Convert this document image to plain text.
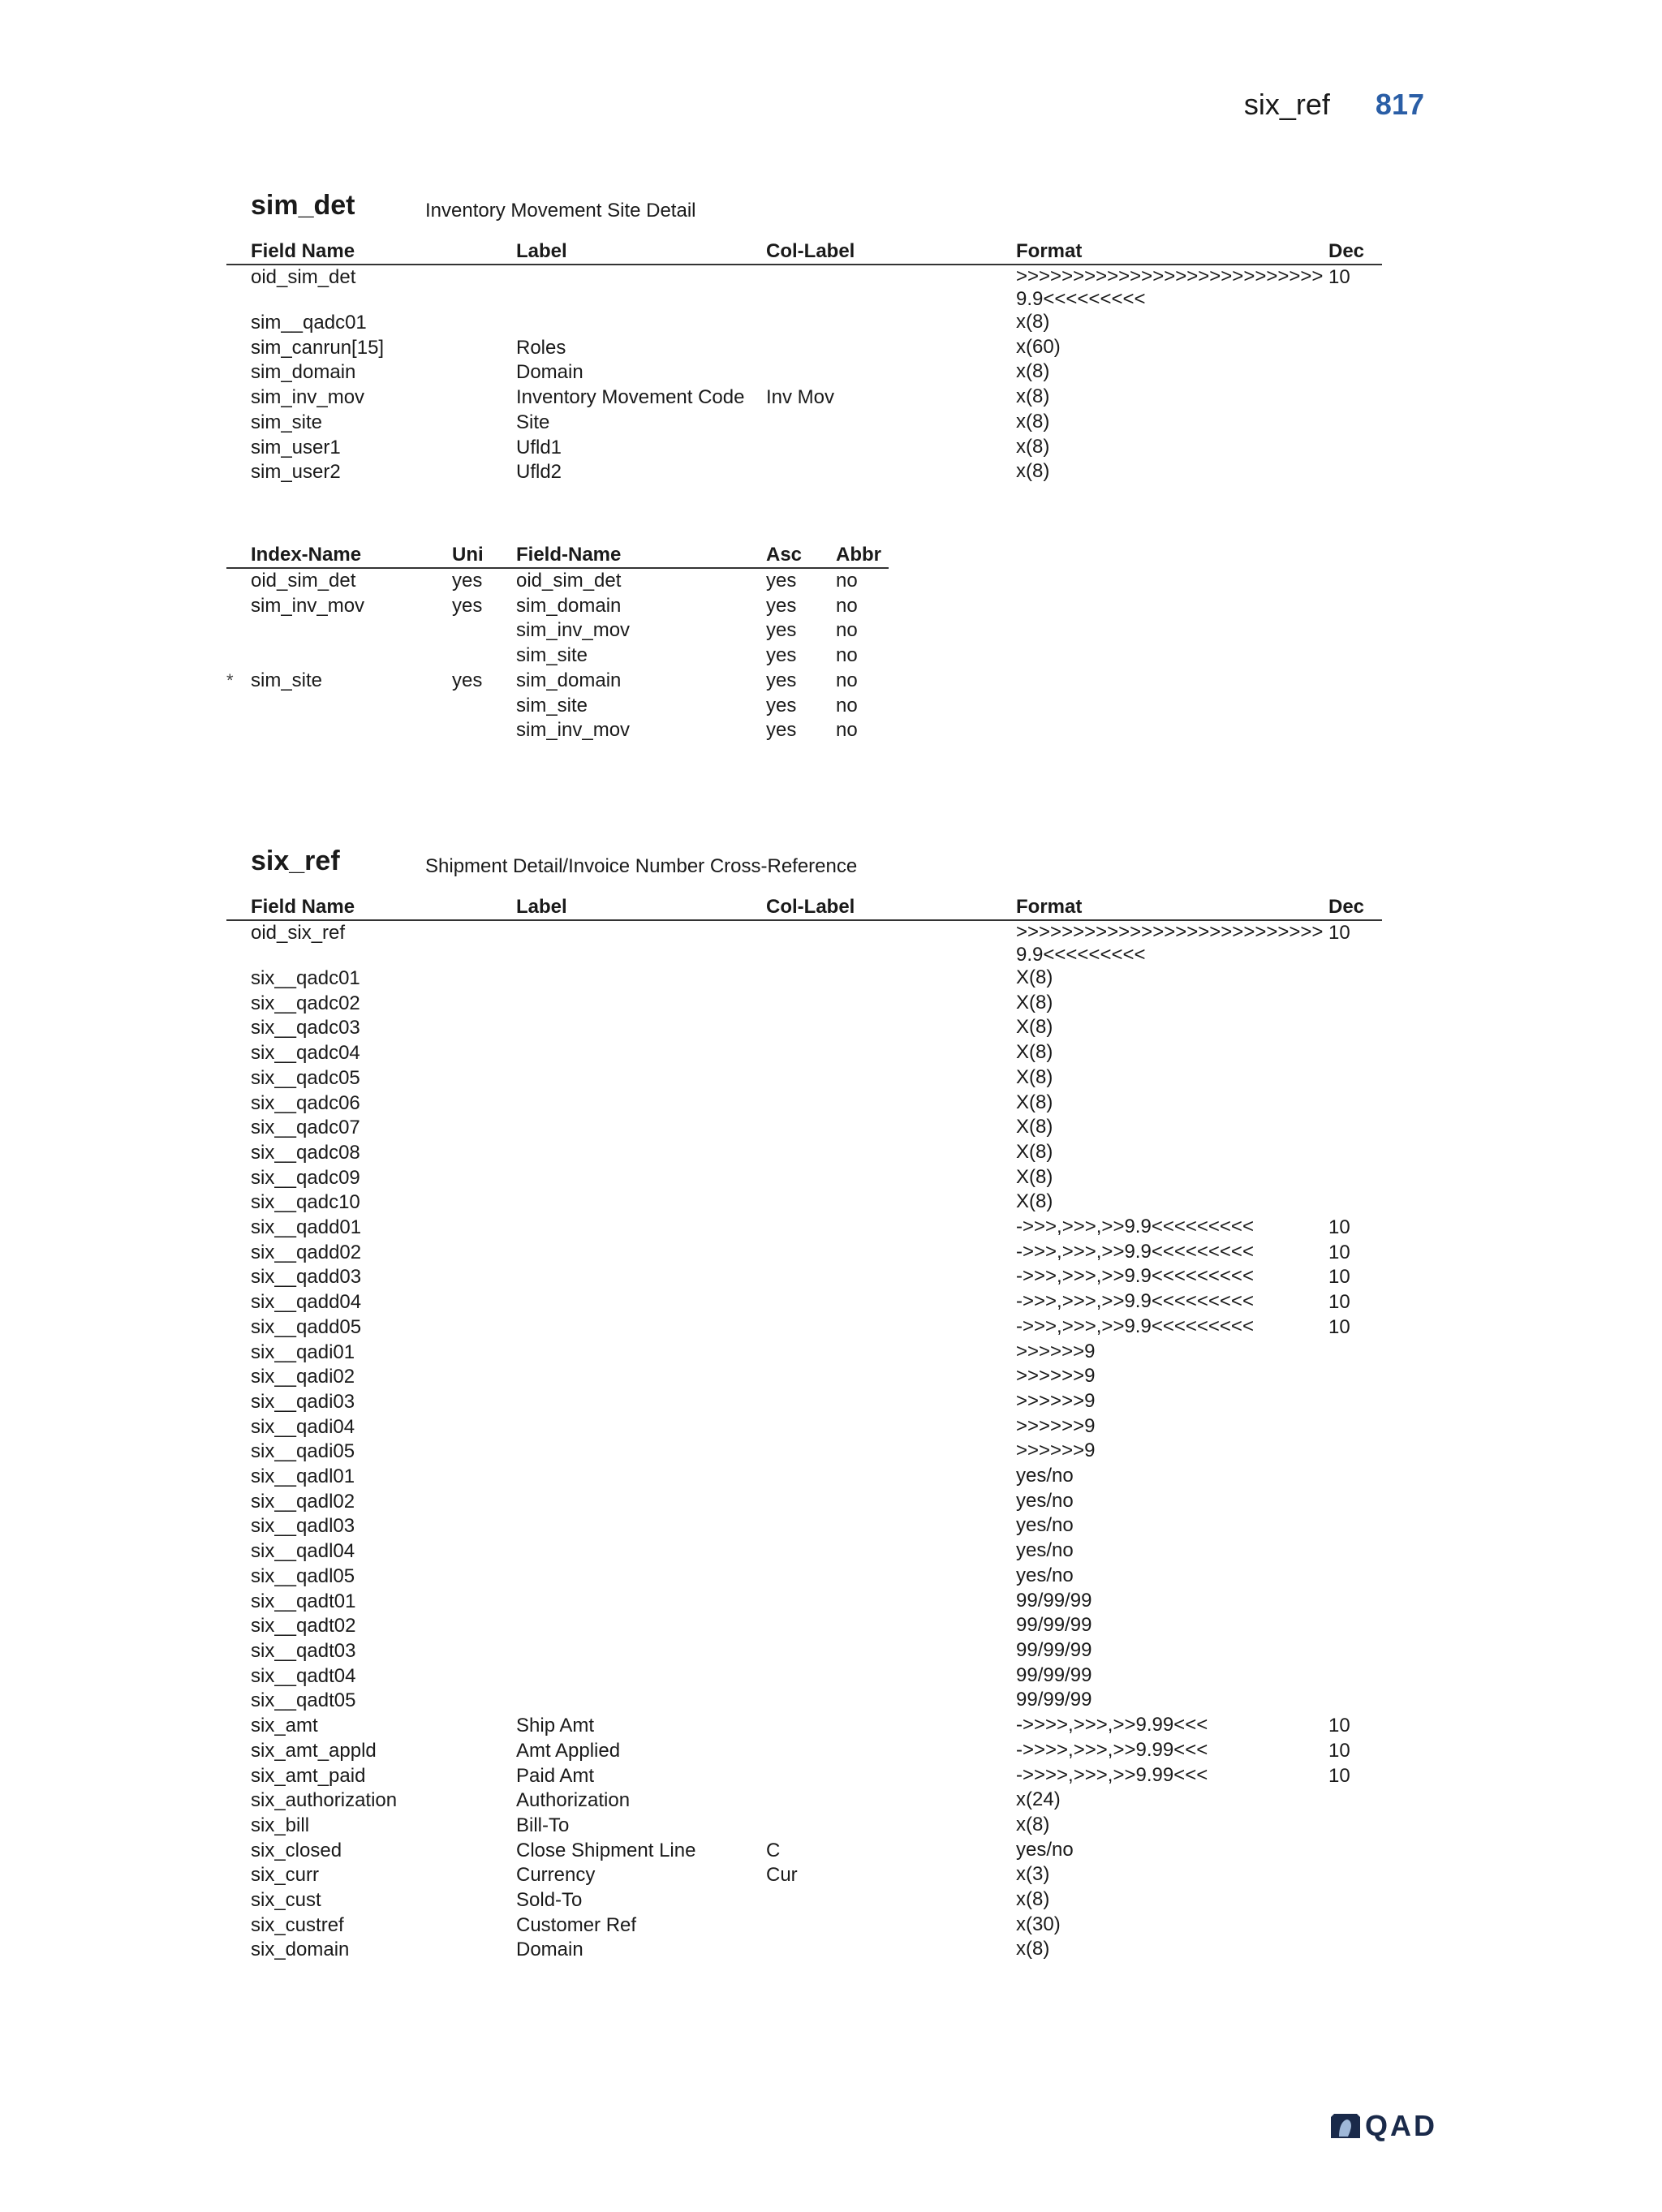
six_ref 817
sim_det	Inventory Movement Site Detail
	Field Name	Label	Col-Label	Format	Dec
	oid_sim_det			>>>>>>>>>>>>>>>>>>>>>>>>>>>9.9<<<<<<<<<	10
	sim__qadc01			x(8)	
	sim_canrun[15]	Roles		x(60)	
	sim_domain	Domain		x(8)	
	sim_inv_mov	Inventory Movement Code	Inv Mov	x(8)	
	sim_site	Site		x(8)	
	sim_user1	Ufld1		x(8)	
	sim_user2	Ufld2		x(8)	
	Index-Name	Uni	Field-Name	Asc	Abbr
	oid_sim_det	yes	oid_sim_det	yes	no
	sim_inv_mov	yes	sim_domain	yes	no
			sim_inv_mov	yes	no
			sim_site	yes	no
*	sim_site	yes	sim_domain	yes	no
			sim_site	yes	no
			sim_inv_mov	yes	no
six_ref	Shipment Detail/Invoice Number Cross-Reference
	Field Name	Label	Col-Label	Format	Dec
	oid_six_ref			>>>>>>>>>>>>>>>>>>>>>>>>>>>9.9<<<<<<<<<	10
	six__qadc01			X(8)	
	six__qadc02			X(8)	
	six__qadc03			X(8)	
	six__qadc04			X(8)	
	six__qadc05			X(8)	
	six__qadc06			X(8)	
	six__qadc07			X(8)	
	six__qadc08			X(8)	
	six__qadc09			X(8)	
	six__qadc10			X(8)	
	six__qadd01			->>>,>>>,>>9.9<<<<<<<<<	10
	six__qadd02			->>>,>>>,>>9.9<<<<<<<<<	10
	six__qadd03			->>>,>>>,>>9.9<<<<<<<<<	10
	six__qadd04			->>>,>>>,>>9.9<<<<<<<<<	10
	six__qadd05			->>>,>>>,>>9.9<<<<<<<<<	10
	six__qadi01			>>>>>>9	
	six__qadi02			>>>>>>9	
	six__qadi03			>>>>>>9	
	six__qadi04			>>>>>>9	
	six__qadi05			>>>>>>9	
	six__qadl01			yes/no	
	six__qadl02			yes/no	
	six__qadl03			yes/no	
	six__qadl04			yes/no	
	six__qadl05			yes/no	
	six__qadt01			99/99/99	
	six__qadt02			99/99/99	
	six__qadt03			99/99/99	
	six__qadt04			99/99/99	
	six__qadt05			99/99/99	
	six_amt	Ship Amt		->>>>,>>>,>>9.99<<<	10
	six_amt_appld	Amt Applied		->>>>,>>>,>>9.99<<<	10
	six_amt_paid	Paid Amt		->>>>,>>>,>>9.99<<<	10
	six_authorization	Authorization		x(24)	
	six_bill	Bill-To		x(8)	
	six_closed	Close Shipment Line	C	yes/no	
	six_curr	Currency	Cur	x(3)	
	six_cust	Sold-To		x(8)	
	six_custref	Customer Ref		x(30)	
	six_domain	Domain		x(8)	
QAD
